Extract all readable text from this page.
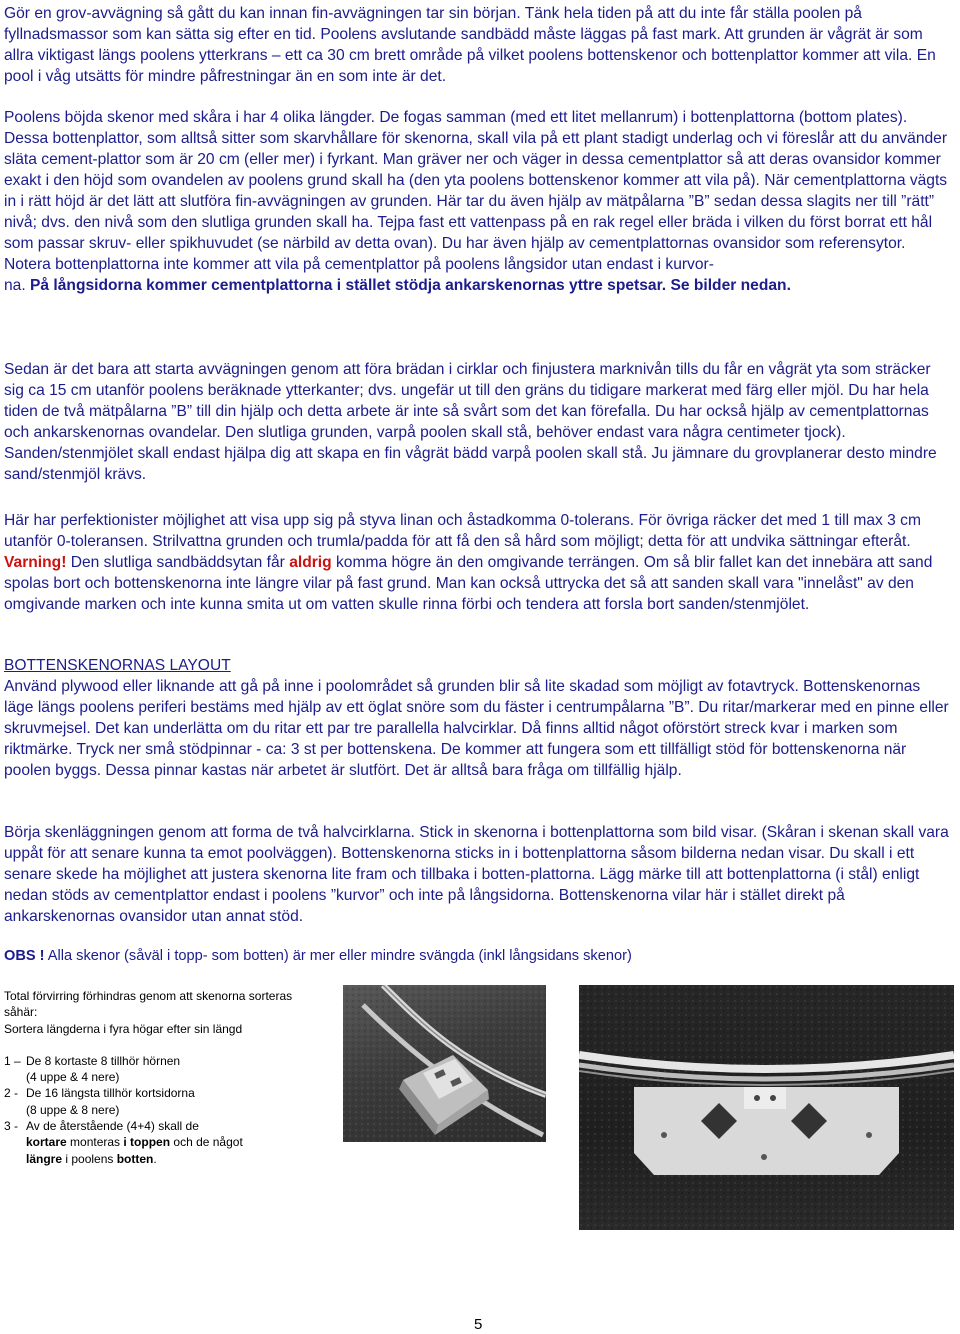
Gör en grov-avvägning så gått du kan innan fin-avvägningen tar sin början. Tänk hela tiden på att du inte får ställa poolen på fyllnadsmassor som kan sätta sig efter en tid. Poolens avslutande sandbädd måste läggas på fast mark. Att grunden är vågrät är som allra viktigast längs poolens ytterkrans – ett ca 30 cm brett område på vilket poolens bottenskenor och bottenplattor kommer att vila. En pool i våg utsätts för mindre påfrestningar än en som inte är det.

Poolens böjda skenor med skåra i har 4 olika längder. De fogas samman (med ett litet mellanrum) i bottenplattorna (bottom plates). Dessa bottenplattor, som alltså sitter som skarvhållare för skenorna, skall vila på ett plant stadigt underlag och vi föreslår att du använder släta cement-plattor som är 20 cm (eller mer) i fyrkant. Man gräver ner och väger in dessa cementplattor så att deras ovansidor kommer exakt i den höjd som ovandelen av poolens grund skall ha (den yta poolens bottenskenor kommer att vila på). När cementplattorna vägts in i rätt höjd är det lätt att slutföra fin-avvägningen av grunden. Här tar du även hjälp av mätpålarna ”B” sedan dessa slagits ner till ”rätt” nivå; dvs. den nivå som den slutliga grunden skall ha. Tejpa fast ett vattenpass på en rak regel eller bräda i vilken du först borrat ett hål som passar skruv- eller spikhuvudet (se närbild av detta ovan). Du har även hjälp av cementplattornas ovansidor som referensytor. Notera bottenplattorna inte kommer att vila på cementplattor på poolens långsidor utan endast i kurvor-
na. På långsidorna kommer cementplattorna i stället stödja ankarskenornas yttre spetsar. Se bilder nedan.

Sedan är det bara att starta avvägningen genom att föra brädan i cirklar och finjustera marknivån tills du får en vågrät yta som sträcker sig ca 15 cm utanför poolens beräknade ytterkanter; dvs. ungefär ut till den gräns du tidigare markerat med färg eller mjöl. Du har hela tiden de två mätpålarna ”B” till din hjälp och detta arbete är inte så svårt som det kan förefalla. Du har också hjälp av cementplattornas och ankarskenornas ovandelar. Den slutliga grunden, varpå poolen skall stå, behöver endast vara några centimeter tjock). Sanden/stenmjölet skall endast hjälpa dig att skapa en fin vågrät bädd varpå poolen skall stå. Ju jämnare du grovplanerar desto mindre sand/stenmjöl krävs.

Här har perfektionister möjlighet att visa upp sig på styva linan och åstadkomma 0-tolerans. För övriga räcker det med 1 till max 3 cm utanför 0-toleransen. Strilvattna grunden och trumla/padda för att få den så hård som möjligt; detta för att undvika sättningar efteråt. Varning! Den slutliga sandbäddsytan får aldrig komma högre än den omgivande terrängen. Om så blir fallet kan det innebära att sand spolas bort och bottenskenorna inte längre vilar på fast grund. Man kan också uttrycka det så att sanden skall vara "innelåst" av den omgivande marken och inte kunna smita ut om vatten skulle rinna förbi och tendera att forsla bort sanden/stenmjölet.

BOTTENSKENORNAS LAYOUT
Använd plywood eller liknande att gå på inne i poolområdet så grunden blir så lite skadad som möjligt av fotavtryck. Bottenskenornas läge längs poolens periferi bestäms med hjälp av ett öglat snöre som du fäster i centrumpålarna ”B”. Du ritar/markerar med en pinne eller skruvmejsel. Det kan underlätta om du ritar ett par tre parallella halvcirklar. Då finns alltid något oförstört streck kvar i marken som riktmärke. Tryck ner små stödpinnar - ca: 3 st per bottenskena. De kommer att fungera som ett tillfälligt stöd för bottenskenorna när poolen byggs. Dessa pinnar kastas när arbetet är slutfört. Det är alltså bara fråga om tillfällig hjälp.

Börja skenläggningen genom att forma de två halvcirklarna. Stick in skenorna i bottenplattorna som bild visar. (Skåran i skenan skall vara uppåt för att senare kunna ta emot poolväggen). Bottenskenorna sticks in i bottenplattorna såsom bilderna nedan visar. Du skall i ett senare skede ha möjlighet att justera skenorna lite fram och tillbaka i botten-plattorna. Lägg märke till att bottenplattorna (i stål) enligt nedan stöds av cementplattor endast i poolens ”kurvor” och inte på långsidorna. Bottenskenorna vilar här i stället direkt på ankarskenornas ovansidor utan annat stöd.

OBS ! Alla skenor (såväl i topp- som botten) är mer eller mindre svängda (inkl långsidans skenor)

Total förvirring förhindras genom att skenorna sorteras såhär:
Sortera längderna i fyra högar efter sin längd
1 – De 8 kortaste 8 tillhör hörnen
(4 uppe & 4 nere)
2 - De 16 längsta tillhör kortsidorna
(8 uppe & 8 nere)
3 - Av de återstående (4+4) skall de
kortare monteras i toppen och de något
längre i poolens botten.
5
